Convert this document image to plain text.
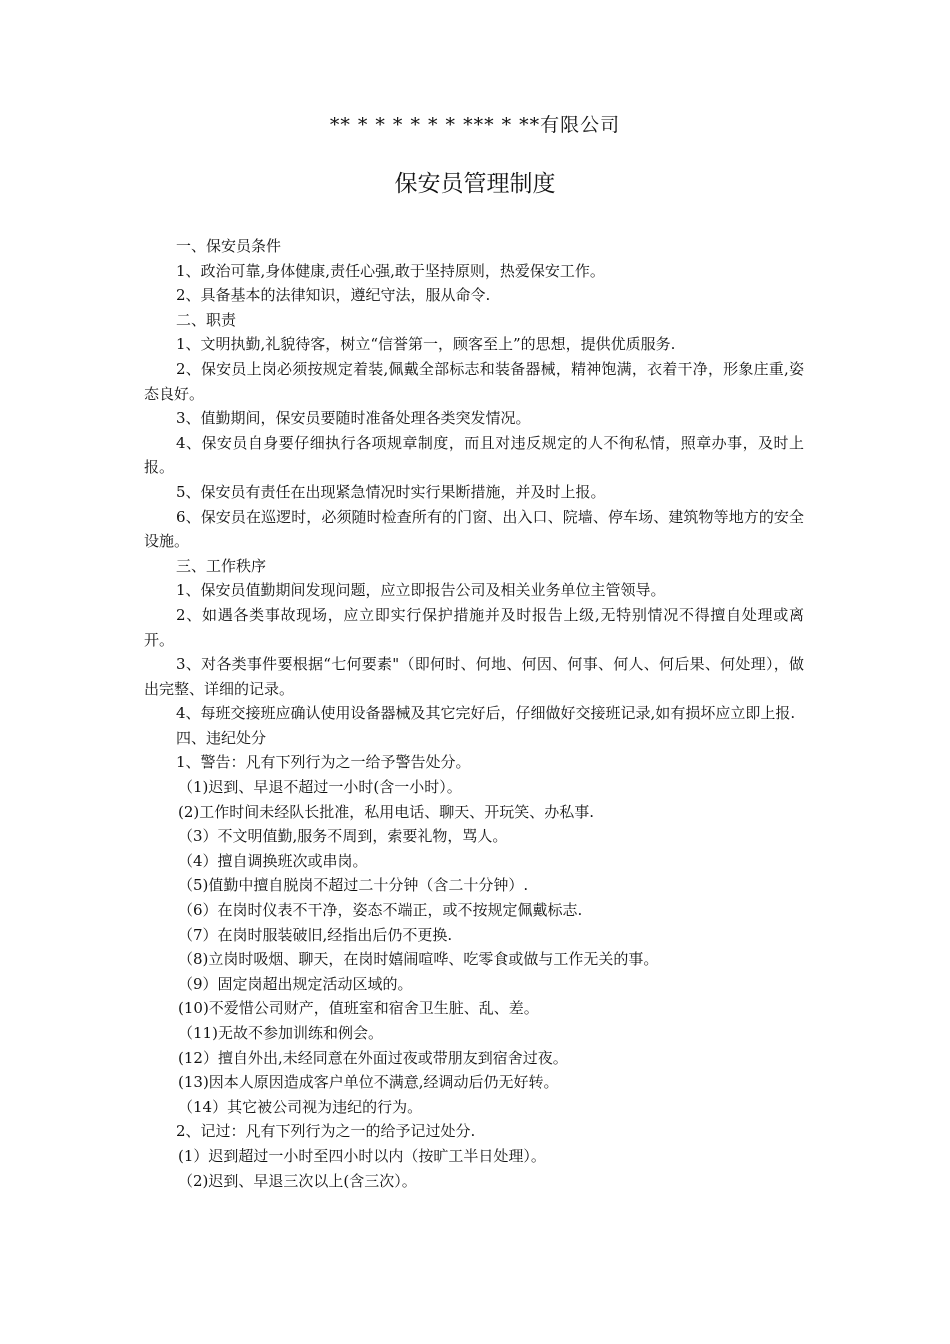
** * * * * * * *** * **有限公司
保安员管理制度

一、保安员条件

1、政治可靠,身体健康,责任心强,敢于坚持原则，热爱保安工作。

2、具备基本的法律知识，遵纪守法，服从命令.

二、职责

1、文明执勤,礼貌待客，树立“信誉第一，顾客至上”的思想，提供优质服务.

2、保安员上岗必须按规定着装,佩戴全部标志和装备器械，精神饱满，衣着干净，形象庄重,姿态良好。

3、值勤期间，保安员要随时准备处理各类突发情况。

4、保安员自身要仔细执行各项规章制度，而且对违反规定的人不徇私情，照章办事，及时上报。

5、保安员有责任在出现紧急情况时实行果断措施，并及时上报。

6、保安员在巡逻时，必须随时检查所有的门窗、出入口、院墙、停车场、建筑物等地方的安全设施。

三、工作秩序

1、保安员值勤期间发现问题，应立即报告公司及相关业务单位主管领导。

2、如遇各类事故现场，应立即实行保护措施并及时报告上级,无特别情况不得擅自处理或离开。

3、对各类事件要根据“七何要素"（即何时、何地、何因、何事、何人、何后果、何处理），做出完整、详细的记录。

4、每班交接班应确认使用设备器械及其它完好后，仔细做好交接班记录,如有损坏应立即上报.

四、违纪处分

1、警告：凡有下列行为之一给予警告处分。

（1)迟到、早退不超过一小时(含一小时）。

(2)工作时间未经队长批准，私用电话、聊天、开玩笑、办私事.

（3）不文明值勤,服务不周到，索要礼物，骂人。

（4）擅自调换班次或串岗。

（5)值勤中擅自脱岗不超过二十分钟（含二十分钟）.

（6）在岗时仪表不干净，姿态不端正，或不按规定佩戴标志.

（7）在岗时服装破旧,经指出后仍不更换.

（8)立岗时吸烟、聊天，在岗时嬉闹喧哗、吃零食或做与工作无关的事。

（9）固定岗超出规定活动区域的。

(10)不爱惜公司财产，值班室和宿舍卫生脏、乱、差。

（11)无故不参加训练和例会。

(12）擅自外出,未经同意在外面过夜或带朋友到宿舍过夜。

(13)因本人原因造成客户单位不满意,经调动后仍无好转。

（14）其它被公司视为违纪的行为。

2、记过：凡有下列行为之一的给予记过处分.

(1）迟到超过一小时至四小时以内（按旷工半日处理）。

（2)迟到、早退三次以上(含三次）。
